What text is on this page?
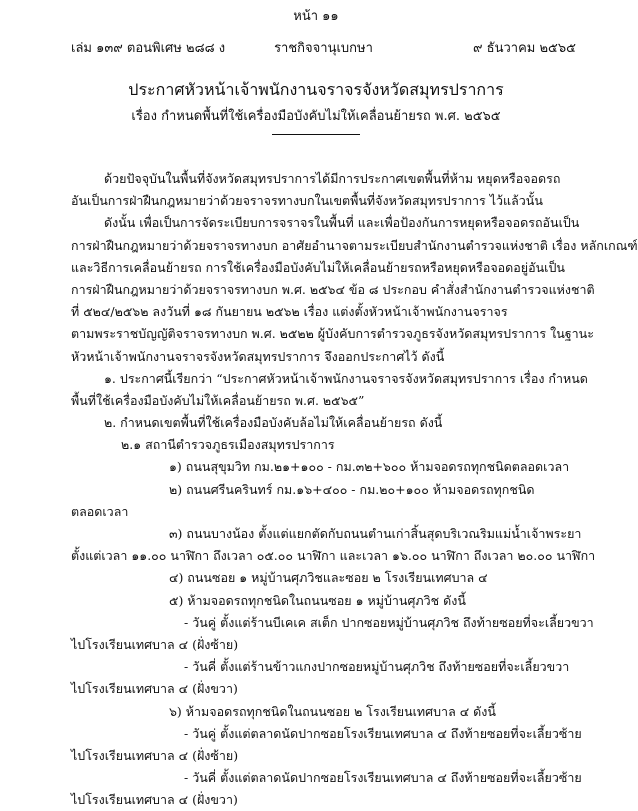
หน้า ๑๑
เล่ม ๑๓๙ ตอนพิเศษ ๒๘๘ ง	ราชกิจจานุเบกษา	๙ ธันวาคม ๒๕๖๕
ประกาศหัวหน้าเจ้าพนักงานจราจรจังหวัดสมุทรปราการ
เรื่อง กำหนดพื้นที่ใช้เครื่องมือบังคับไม่ให้เคลื่อนย้ายรถ พ.ศ. ๒๕๖๕
ด้วยปัจจุบันในพื้นที่จังหวัดสมุทรปราการได้มีการประกาศเขตพื้นที่ห้าม หยุดหรือจอดรถ
อันเป็นการฝ่าฝืนกฎหมายว่าด้วยจราจรทางบกในเขตพื้นที่จังหวัดสมุทรปราการ ไว้แล้วนั้น
ดังนั้น เพื่อเป็นการจัดระเบียบการจราจรในพื้นที่ และเพื่อป้องกันการหยุดหรือจอดรถอันเป็น
การฝ่าฝืนกฎหมายว่าด้วยจราจรทางบก อาศัยอำนาจตามระเบียบสำนักงานตำรวจแห่งชาติ เรื่อง หลักเกณฑ์
และวิธีการเคลื่อนย้ายรถ การใช้เครื่องมือบังคับไม่ให้เคลื่อนย้ายรถหรือหยุดหรือจอดอยู่อันเป็น
การฝ่าฝืนกฎหมายว่าด้วยจราจรทางบก พ.ศ. ๒๕๖๔ ข้อ ๘ ประกอบ คำสั่งสำนักงานตำรวจแห่งชาติ
ที่ ๕๒๔/๒๕๖๒ ลงวันที่ ๑๘ กันยายน ๒๕๖๒ เรื่อง แต่งตั้งหัวหน้าเจ้าพนักงานจราจร
ตามพระราชบัญญัติจราจรทางบก พ.ศ. ๒๕๒๒ ผู้บังคับการตำรวจภูธรจังหวัดสมุทรปราการ ในฐานะ
หัวหน้าเจ้าพนักงานจราจรจังหวัดสมุทรปราการ จึงออกประกาศไว้ ดังนี้
๑. ประกาศนี้เรียกว่า “ประกาศหัวหน้าเจ้าพนักงานจราจรจังหวัดสมุทรปราการ เรื่อง กำหนด
พื้นที่ใช้เครื่องมือบังคับไม่ให้เคลื่อนย้ายรถ พ.ศ. ๒๕๖๕”
๒. กำหนดเขตพื้นที่ใช้เครื่องมือบังคับล้อไม่ให้เคลื่อนย้ายรถ ดังนี้
๒.๑ สถานีตำรวจภูธรเมืองสมุทรปราการ
๑) ถนนสุขุมวิท กม.๒๑+๑๐๐ - กม.๓๒+๖๐๐ ห้ามจอดรถทุกชนิดตลอดเวลา
๒) ถนนศรีนครินทร์ กม.๑๖+๔๐๐ - กม.๒๐+๑๐๐ ห้ามจอดรถทุกชนิด
ตลอดเวลา
๓) ถนนบางน้อง ตั้งแต่แยกตัดกับถนนตำนเก่าสิ้นสุดบริเวณริมแม่น้ำเจ้าพระยา
ตั้งแต่เวลา ๑๑.๐๐ นาฬิกา ถึงเวลา ๐๕.๐๐ นาฬิกา และเวลา ๑๖.๐๐ นาฬิกา ถึงเวลา ๒๐.๐๐ นาฬิกา
๔) ถนนซอย ๑ หมู่บ้านศุภวิชและซอย ๒ โรงเรียนเทศบาล ๔
๕) ห้ามจอดรถทุกชนิดในถนนซอย ๑ หมู่บ้านศุภวิช ดังนี้
- วันคู่ ตั้งแต่ร้านบีเคเค สเต็ก ปากซอยหมู่บ้านศุภวิช ถึงท้ายซอยที่จะเลี้ยวขวา
ไปโรงเรียนเทศบาล ๔ (ฝั่งซ้าย)
- วันคี่ ตั้งแต่ร้านข้าวแกงปากซอยหมู่บ้านศุภวิช ถึงท้ายซอยที่จะเลี้ยวขวา
ไปโรงเรียนเทศบาล ๔ (ฝั่งขวา)
๖) ห้ามจอดรถทุกชนิดในถนนซอย ๒ โรงเรียนเทศบาล ๔ ดังนี้
- วันคู่ ตั้งแต่ตลาดนัดปากซอยโรงเรียนเทศบาล ๔ ถึงท้ายซอยที่จะเลี้ยวซ้าย
ไปโรงเรียนเทศบาล ๔ (ฝั่งซ้าย)
- วันคี่ ตั้งแต่ตลาดนัดปากซอยโรงเรียนเทศบาล ๔ ถึงท้ายซอยที่จะเลี้ยวซ้าย
ไปโรงเรียนเทศบาล ๔ (ฝั่งขวา)
